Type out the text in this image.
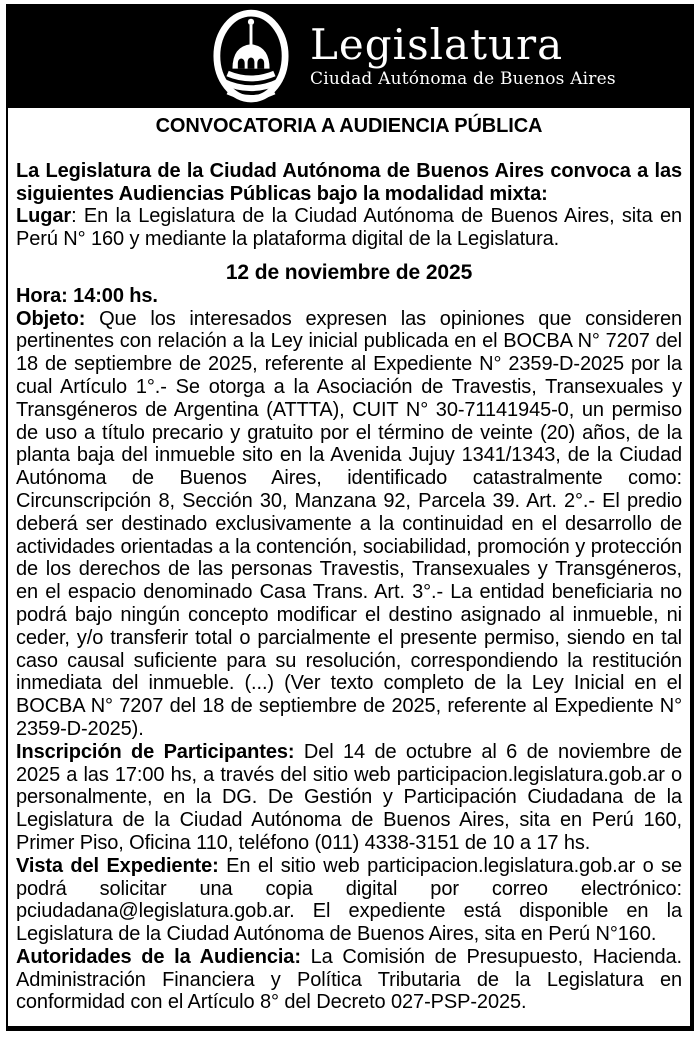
Legislatura
Ciudad Autónoma de Buenos Aires

CONVOCATORIA A AUDIENCIA PÚBLICA

La Legislatura de la Ciudad Autónoma de Buenos Aires convoca a las siguientes Audiencias Públicas bajo la modalidad mixta:

Lugar: En la Legislatura de la Ciudad Autónoma de Buenos Aires, sita en Perú N° 160 y mediante la plataforma digital de la Legislatura.

12 de noviembre de 2025

Hora: 14:00 hs.

Objeto: Que los interesados expresen las opiniones que consideren pertinentes con relación a la Ley inicial publicada en el BOCBA N° 7207 del 18 de septiembre de 2025, referente al Expediente N° 2359-D-2025 por la cual Artículo 1°.- Se otorga a la Asociación de Travestis, Transexuales y Transgéneros de Argentina (ATTTA), CUIT N° 30-71141945-0, un permiso de uso a título precario y gratuito por el término de veinte (20) años, de la planta baja del inmueble sito en la Avenida Jujuy 1341/1343, de la Ciudad Autónoma de Buenos Aires, identificado catastralmente como: Circunscripción 8, Sección 30, Manzana 92, Parcela 39. Art. 2°.- El predio deberá ser destinado exclusivamente a la continuidad en el desarrollo de actividades orientadas a la contención, sociabilidad, promoción y protección de los derechos de las personas Travestis, Transexuales y Transgéneros, en el espacio denominado Casa Trans. Art. 3°.- La entidad beneficiaria no podrá bajo ningún concepto modificar el destino asignado al inmueble, ni ceder, y/o transferir total o parcialmente el presente permiso, siendo en tal caso causal suficiente para su resolución, correspondiendo la restitución inmediata del inmueble. (...) (Ver texto completo de la Ley Inicial en el BOCBA N° 7207 del 18 de septiembre de 2025, referente al Expediente N° 2359-D-2025).

Inscripción de Participantes: Del 14 de octubre al 6 de noviembre de 2025 a las 17:00 hs, a través del sitio web participacion.legislatura.gob.ar o personalmente, en la DG. De Gestión y Participación Ciudadana de la Legislatura de la Ciudad Autónoma de Buenos Aires, sita en Perú 160, Primer Piso, Oficina 110, teléfono (011) 4338-3151 de 10 a 17 hs.

Vista del Expediente: En el sitio web participacion.legislatura.gob.ar o se podrá solicitar una copia digital por correo electrónico: pciudadana@legislatura.gob.ar. El expediente está disponible en la Legislatura de la Ciudad Autónoma de Buenos Aires, sita en Perú N°160.

Autoridades de la Audiencia: La Comisión de Presupuesto, Hacienda. Administración Financiera y Política Tributaria de la Legislatura en conformidad con el Artículo 8° del Decreto 027-PSP-2025.
